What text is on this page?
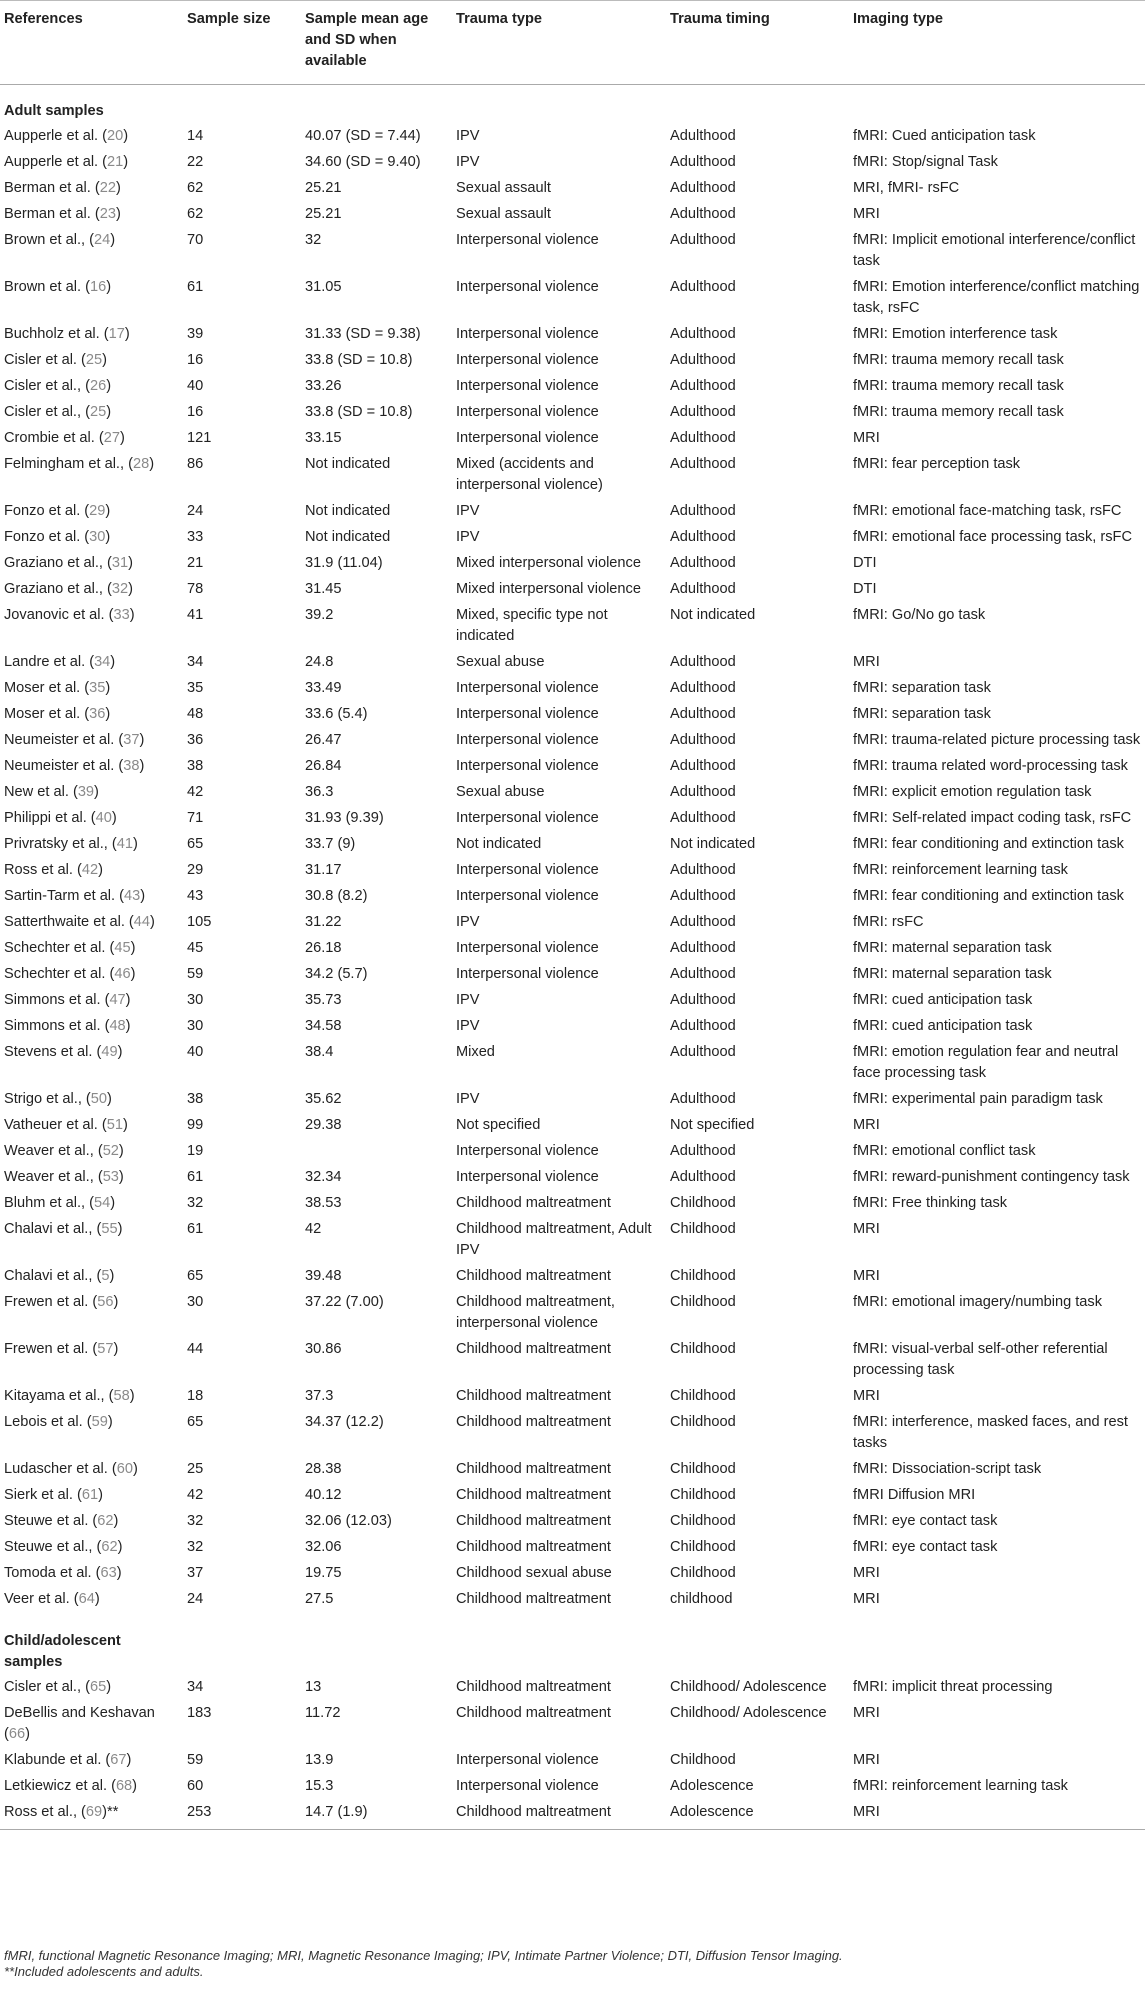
References	Sample size	Sample mean age and SD when available	Trauma type	Trauma timing	Imaging type
Adult samples					
Aupperle et al. (20)	14	40.07 (SD = 7.44)	IPV	Adulthood	fMRI: Cued anticipation task
Aupperle et al. (21)	22	34.60 (SD = 9.40)	IPV	Adulthood	fMRI: Stop/signal Task
Berman et al. (22)	62	25.21	Sexual assault	Adulthood	MRI, fMRI- rsFC
Berman et al. (23)	62	25.21	Sexual assault	Adulthood	MRI
Brown et al., (24)	70	32	Interpersonal violence	Adulthood	fMRI: Implicit emotional interference/conflict task
Brown et al. (16)	61	31.05	Interpersonal violence	Adulthood	fMRI: Emotion interference/conflict matching task, rsFC
Buchholz et al. (17)	39	31.33 (SD = 9.38)	Interpersonal violence	Adulthood	fMRI: Emotion interference task
Cisler et al. (25)	16	33.8 (SD = 10.8)	Interpersonal violence	Adulthood	fMRI: trauma memory recall task
Cisler et al., (26)	40	33.26	Interpersonal violence	Adulthood	fMRI: trauma memory recall task
Cisler et al., (25)	16	33.8 (SD = 10.8)	Interpersonal violence	Adulthood	fMRI: trauma memory recall task
Crombie et al. (27)	121	33.15	Interpersonal violence	Adulthood	MRI
Felmingham et al., (28)	86	Not indicated	Mixed (accidents and interpersonal violence)	Adulthood	fMRI: fear perception task
Fonzo et al. (29)	24	Not indicated	IPV	Adulthood	fMRI: emotional face-matching task, rsFC
Fonzo et al. (30)	33	Not indicated	IPV	Adulthood	fMRI: emotional face processing task, rsFC
Graziano et al., (31)	21	31.9 (11.04)	Mixed interpersonal violence	Adulthood	DTI
Graziano et al., (32)	78	31.45	Mixed interpersonal violence	Adulthood	DTI
Jovanovic et al. (33)	41	39.2	Mixed, specific type not indicated	Not indicated	fMRI: Go/No go task
Landre et al. (34)	34	24.8	Sexual abuse	Adulthood	MRI
Moser et al. (35)	35	33.49	Interpersonal violence	Adulthood	fMRI: separation task
Moser et al. (36)	48	33.6 (5.4)	Interpersonal violence	Adulthood	fMRI: separation task
Neumeister et al. (37)	36	26.47	Interpersonal violence	Adulthood	fMRI: trauma-related picture processing task
Neumeister et al. (38)	38	26.84	Interpersonal violence	Adulthood	fMRI: trauma related word-processing task
New et al. (39)	42	36.3	Sexual abuse	Adulthood	fMRI: explicit emotion regulation task
Philippi et al. (40)	71	31.93 (9.39)	Interpersonal violence	Adulthood	fMRI: Self-related impact coding task, rsFC
Privratsky et al., (41)	65	33.7 (9)	Not indicated	Not indicated	fMRI: fear conditioning and extinction task
Ross et al. (42)	29	31.17	Interpersonal violence	Adulthood	fMRI: reinforcement learning task
Sartin-Tarm et al. (43)	43	30.8 (8.2)	Interpersonal violence	Adulthood	fMRI: fear conditioning and extinction task
Satterthwaite et al. (44)	105	31.22	IPV	Adulthood	fMRI: rsFC
Schechter et al. (45)	45	26.18	Interpersonal violence	Adulthood	fMRI: maternal separation task
Schechter et al. (46)	59	34.2 (5.7)	Interpersonal violence	Adulthood	fMRI: maternal separation task
Simmons et al. (47)	30	35.73	IPV	Adulthood	fMRI: cued anticipation task
Simmons et al. (48)	30	34.58	IPV	Adulthood	fMRI: cued anticipation task
Stevens et al. (49)	40	38.4	Mixed	Adulthood	fMRI: emotion regulation fear and neutral face processing task
Strigo et al., (50)	38	35.62	IPV	Adulthood	fMRI: experimental pain paradigm task
Vatheuer et al. (51)	99	29.38	Not specified	Not specified	MRI
Weaver et al., (52)	19		Interpersonal violence	Adulthood	fMRI: emotional conflict task
Weaver et al., (53)	61	32.34	Interpersonal violence	Adulthood	fMRI: reward-punishment contingency task
Bluhm et al., (54)	32	38.53	Childhood maltreatment	Childhood	fMRI: Free thinking task
Chalavi et al., (55)	61	42	Childhood maltreatment, Adult IPV	Childhood	MRI
Chalavi et al., (5)	65	39.48	Childhood maltreatment	Childhood	MRI
Frewen et al. (56)	30	37.22 (7.00)	Childhood maltreatment, interpersonal violence	Childhood	fMRI: emotional imagery/numbing task
Frewen et al. (57)	44	30.86	Childhood maltreatment	Childhood	fMRI: visual-verbal self-other referential processing task
Kitayama et al., (58)	18	37.3	Childhood maltreatment	Childhood	MRI
Lebois et al. (59)	65	34.37 (12.2)	Childhood maltreatment	Childhood	fMRI: interference, masked faces, and rest tasks
Ludascher et al. (60)	25	28.38	Childhood maltreatment	Childhood	fMRI: Dissociation-script task
Sierk et al. (61)	42	40.12	Childhood maltreatment	Childhood	fMRI Diffusion MRI
Steuwe et al. (62)	32	32.06 (12.03)	Childhood maltreatment	Childhood	fMRI: eye contact task
Steuwe et al., (62)	32	32.06	Childhood maltreatment	Childhood	fMRI: eye contact task
Tomoda et al. (63)	37	19.75	Childhood sexual abuse	Childhood	MRI
Veer et al. (64)	24	27.5	Childhood maltreatment	childhood	MRI
Child/adolescent samples					
Cisler et al., (65)	34	13	Childhood maltreatment	Childhood/ Adolescence	fMRI: implicit threat processing
DeBellis and Keshavan (66)	183	11.72	Childhood maltreatment	Childhood/ Adolescence	MRI
Klabunde et al. (67)	59	13.9	Interpersonal violence	Childhood	MRI
Letkiewicz et al. (68)	60	15.3	Interpersonal violence	Adolescence	fMRI: reinforcement learning task
Ross et al., (69)**	253	14.7 (1.9)	Childhood maltreatment	Adolescence	MRI

fMRI, functional Magnetic Resonance Imaging; MRI, Magnetic Resonance Imaging; IPV, Intimate Partner Violence; DTI, Diffusion Tensor Imaging.

**Included adolescents and adults.
